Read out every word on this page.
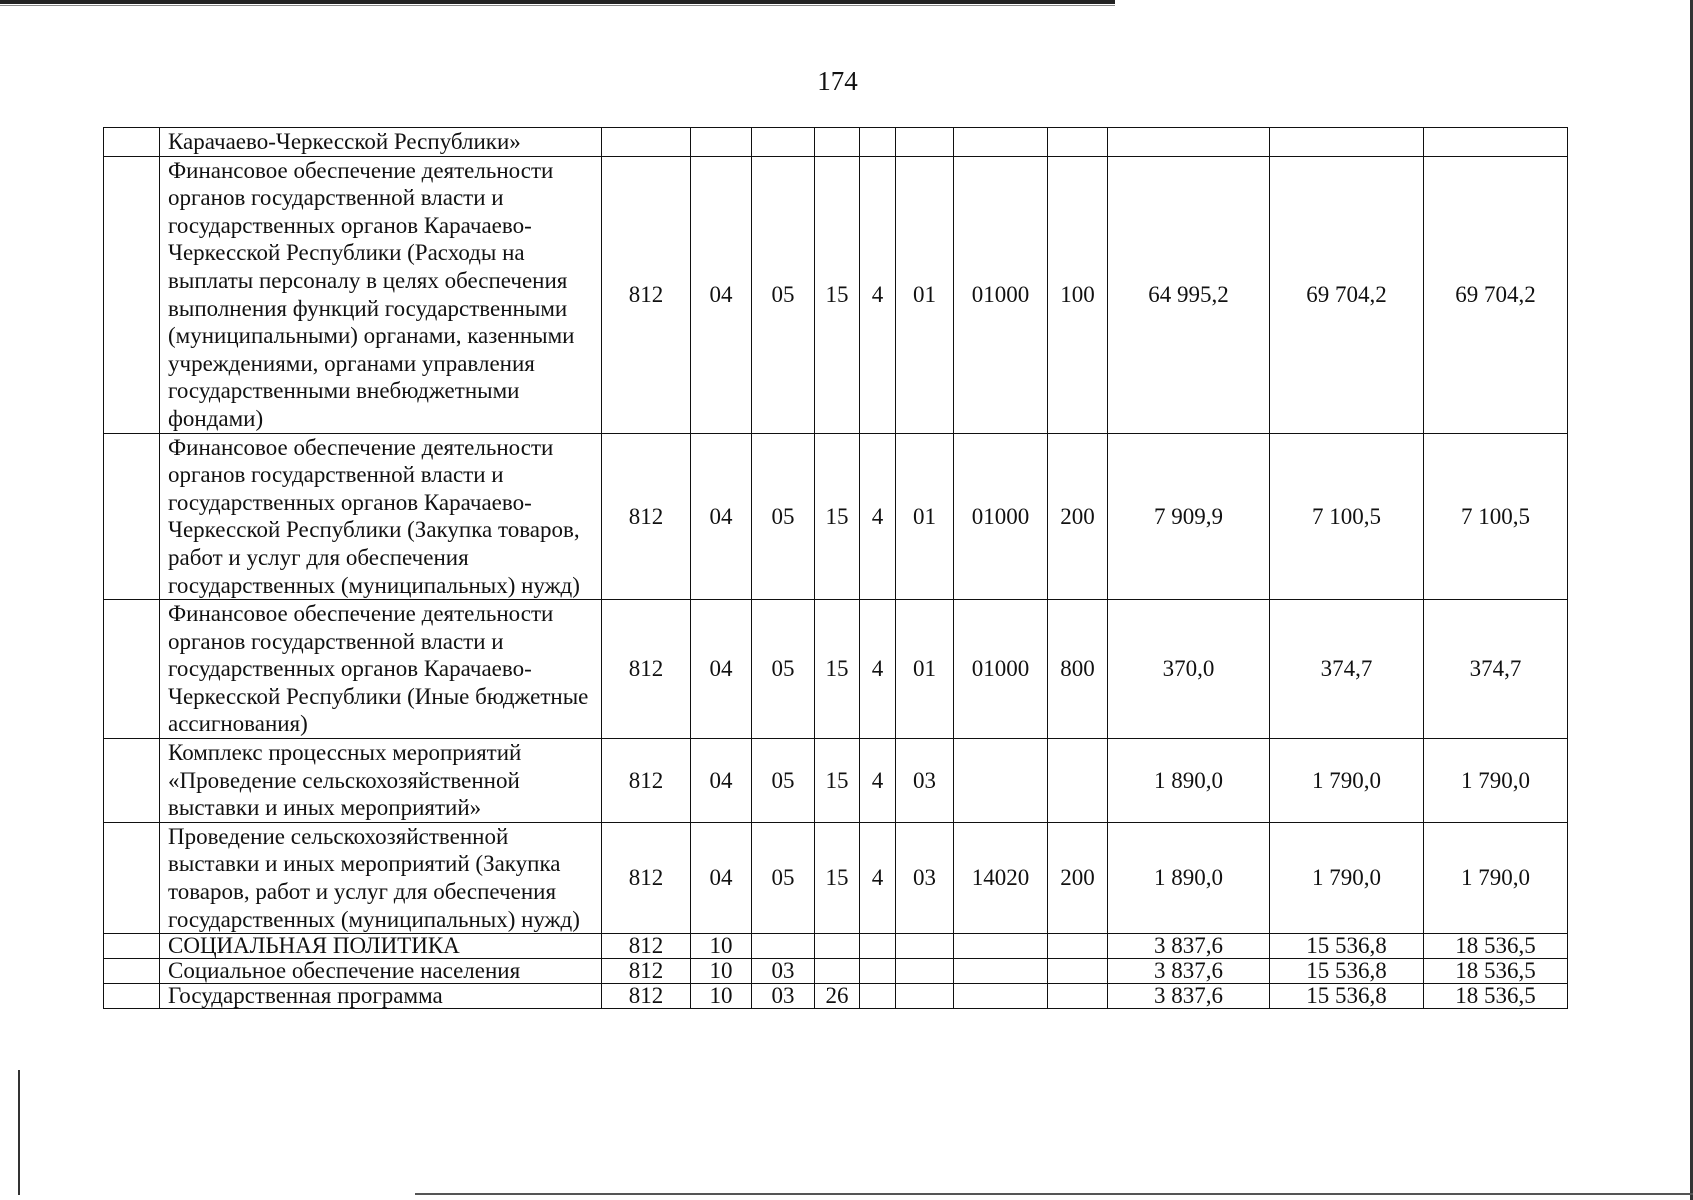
174
	Карачаево-Черкесской Республики»											
	Финансовое обеспечение деятельности органов государственной власти и государственных органов Карачаево-Черкесской Республики (Расходы на выплаты персоналу в целях обеспечения выполнения функций государственными (муниципальными) органами, казенными учреждениями, органами управления государственными внебюджетными фондами)	812	04	05	15	4	01	01000	100	64 995,2	69 704,2	69 704,2
	Финансовое обеспечение деятельности органов государственной власти и государственных органов Карачаево-Черкесской Республики (Закупка товаров, работ и услуг для обеспечения государственных (муниципальных) нужд)	812	04	05	15	4	01	01000	200	7 909,9	7 100,5	7 100,5
	Финансовое обеспечение деятельности органов государственной власти и государственных органов Карачаево-Черкесской Республики (Иные бюджетные ассигнования)	812	04	05	15	4	01	01000	800	370,0	374,7	374,7
	Комплекс процессных мероприятий «Проведение сельскохозяйственной выставки и иных мероприятий»	812	04	05	15	4	03			1 890,0	1 790,0	1 790,0
	Проведение сельскохозяйственной выставки и иных мероприятий (Закупка товаров, работ и услуг для обеспечения государственных (муниципальных) нужд)	812	04	05	15	4	03	14020	200	1 890,0	1 790,0	1 790,0
	СОЦИАЛЬНАЯ ПОЛИТИКА	812	10							3 837,6	15 536,8	18 536,5
	Социальное обеспечение населения	812	10	03						3 837,6	15 536,8	18 536,5
	Государственная программа	812	10	03	26					3 837,6	15 536,8	18 536,5
